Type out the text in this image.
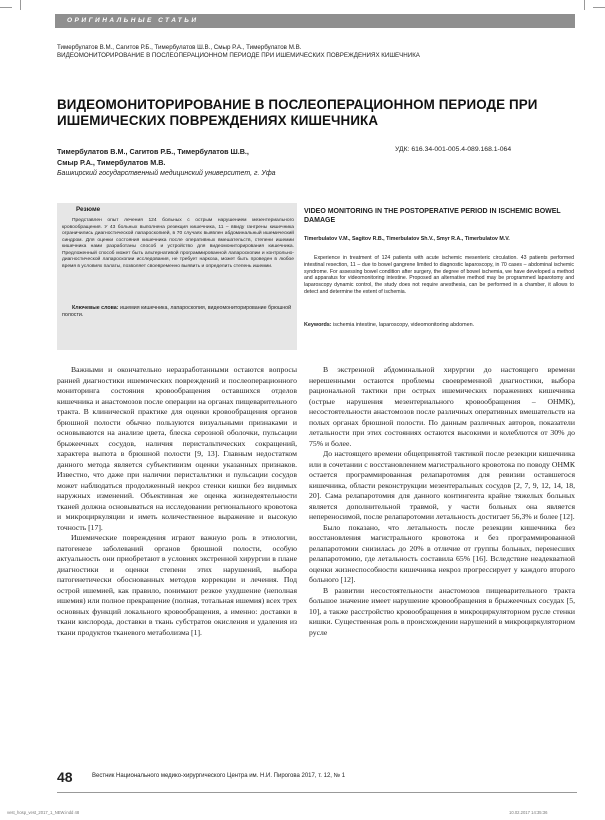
ОРИГИНАЛЬНЫЕ СТАТЬИ
Тимербулатов В.М., Сагитов Р.Б., Тимербулатов Ш.В., Смыр Р.А., Тимербулатов М.В.
ВИДЕОМОНИТОРИРОВАНИЕ В ПОСЛЕОПЕРАЦИОННОМ ПЕРИОДЕ ПРИ ИШЕМИЧЕСКИХ ПОВРЕЖДЕНИЯХ КИШЕЧНИКА
ВИДЕОМОНИТОРИРОВАНИЕ В ПОСЛЕОПЕРАЦИОННОМ ПЕРИОДЕ ПРИ ИШЕМИЧЕСКИХ ПОВРЕЖДЕНИЯХ КИШЕЧНИКА
Тимербулатов В.М., Сагитов Р.Б., Тимербулатов Ш.В.,
Смыр Р.А., Тимербулатов М.В.
Башкирский государственный медицинский университет, г. Уфа
УДК: 616.34-001-005.4-089.168.1-064
Резюме
Представлен опыт лечения 124 больных с острым нарушением мезентериального кровообращения. У 43 больных выполнена резекция кишечника, 11 – ввиду гангрены кишечника ограничились диагностической лапароскопией, в 70 случаях выявлен абдоминальный ишемический синдром. Для оценки состояния кишечника после оперативных вмешательств, степени ишемии кишечника нами разработаны способ и устройство для видеомониторирования кишечника. Предложенный способ может быть альтернативой программированной лапароскопии и контрольно-диагностической лапароскопии исследования, не требует наркоза, может быть проведен в любое время в условиях палаты, позволяет своевременно выявить и определить степень ишемии.
Ключевые слова: ишемия кишечника, лапароскопия, видеомониторирование брюшной полости.
VIDEO MONITORING IN THE POSTOPERATIVE PERIOD IN ISCHEMIC BOWEL DAMAGE
Timerbulatov V.M., Sagitov R.B., Timerbulatov Sh.V., Smyr R.A., Timerbulatov M.V.
Experience in treatment of 124 patients with acute ischemic mesenteric circulation. 43 patients performed intestinal resection, 11 – due to bowel gangrene limited to diagnostic laparoscopy, in 70 cases – abdominal ischemic syndrome. For assessing bowel condition after surgery, the degree of bowel ischemia, we have developed a method and apparatus for videomonitoring intestine. Proposed an alternative method may be programmed laparotomy and laparoscopy dynamic control, the study does not require anesthesia, can be performed in a chamber, it allows to detect and determine the extent of ischemia.
Keywords: ischemia intestine, laparoscopy, videomonitoring abdomen.

Важными и окончательно неразработанными остаются вопросы ранней диагностики ишемических повреждений и послеоперационного мониторинга состояния кровообращения оставшихся отделов кишечника и анастомозов после операции на органах пищеварительного тракта. В клинической практике для оценки кровообращения органов брюшной полости обычно пользуются визуальными признаками и основываются на анализе цвета, блеска серозной оболочки, пульсации брыжеечных сосудов, наличия перистальтических сокращений, характера выпота в брюшной полости [9, 13]. Главным недостатком данного метода является субъективизм оценки указанных признаков. Известно, что даже при наличии перистальтики и пульсации сосудов может наблюдаться продолженный некроз стенки кишки без видимых наружных изменений. Объективная же оценка жизнедеятельности тканей должна основываться на исследовании регионального кровотока и микроциркуляции и иметь количественное выражение и высокую точность [17].

Ишемические повреждения играют важную роль в этиологии, патогенезе заболеваний органов брюшной полости, особую актуальность они приобретают в условиях экстренной хирургии в плане диагностики и оценки степени этих нарушений, выбора патогенетически обоснованных методов коррекции и лечения. Под острой ишемией, как правило, понимают резкое ухудшение (неполная ишемия) или полное прекращение (полная, тотальная ишемия) всех трех основных функций локального кровообращения, а именно: доставки в ткани кислорода, доставки в ткань субстратов окисления и удаления из ткани продуктов тканевого метаболизма [1].

В экстренной абдоминальной хирургии до настоящего времени нерешенными остаются проблемы своевременной диагностики, выбора рациональной тактики при острых ишемических поражениях кишечника (острые нарушения мезентериального кровообращения – ОНМК), несостоятельности анастомозов после различных оперативных вмешательств на полых органах брюшной полости. По данным различных авторов, показатели летальности при этих состояниях остаются высокими и колеблются от 30% до 75% и более.

До настоящего времени общепринятой тактикой после резекции кишечника или в сочетании с восстановлением магистрального кровотока по поводу ОНМК остается программированная релапаротомия для ревизии оставшегося кишечника, области реконструкции мезентеральных сосудов [2, 7, 9, 12, 14, 18, 20]. Сама релапаротомия для данного контингента крайне тяжелых больных является дополнительной травмой, у части больных она является непереносимой, после релапаротомии летальность достигает 56,3% и более [12].

Было показано, что летальность после резекции кишечника без восстановления магистрального кровотока и без программированной релапаротомии снизилась до 20% в отличие от группы больных, перенесших релапаротомию, где летальность составила 65% [16]. Вследствие неадекватной оценки жизнеспособности кишечника некроз прогрессирует у каждого второго больного [12].

В развитии несостоятельности анастомозов пищеварительного тракта большое значение имеет нарушение кровообращения в брыжеечных сосудах [5, 10], а также расстройство кровообращения в микроциркуляторном русле стенки кишки. Существенная роль в происхождении нарушений в микроциркуляторном русле

48	Вестник Национального медико-хирургического Центра им. Н.И. Пирогова 2017, т. 12, № 1
vest_hosp_vest_2017_1_NEW.indd 48	10.02.2017 14:35:36
